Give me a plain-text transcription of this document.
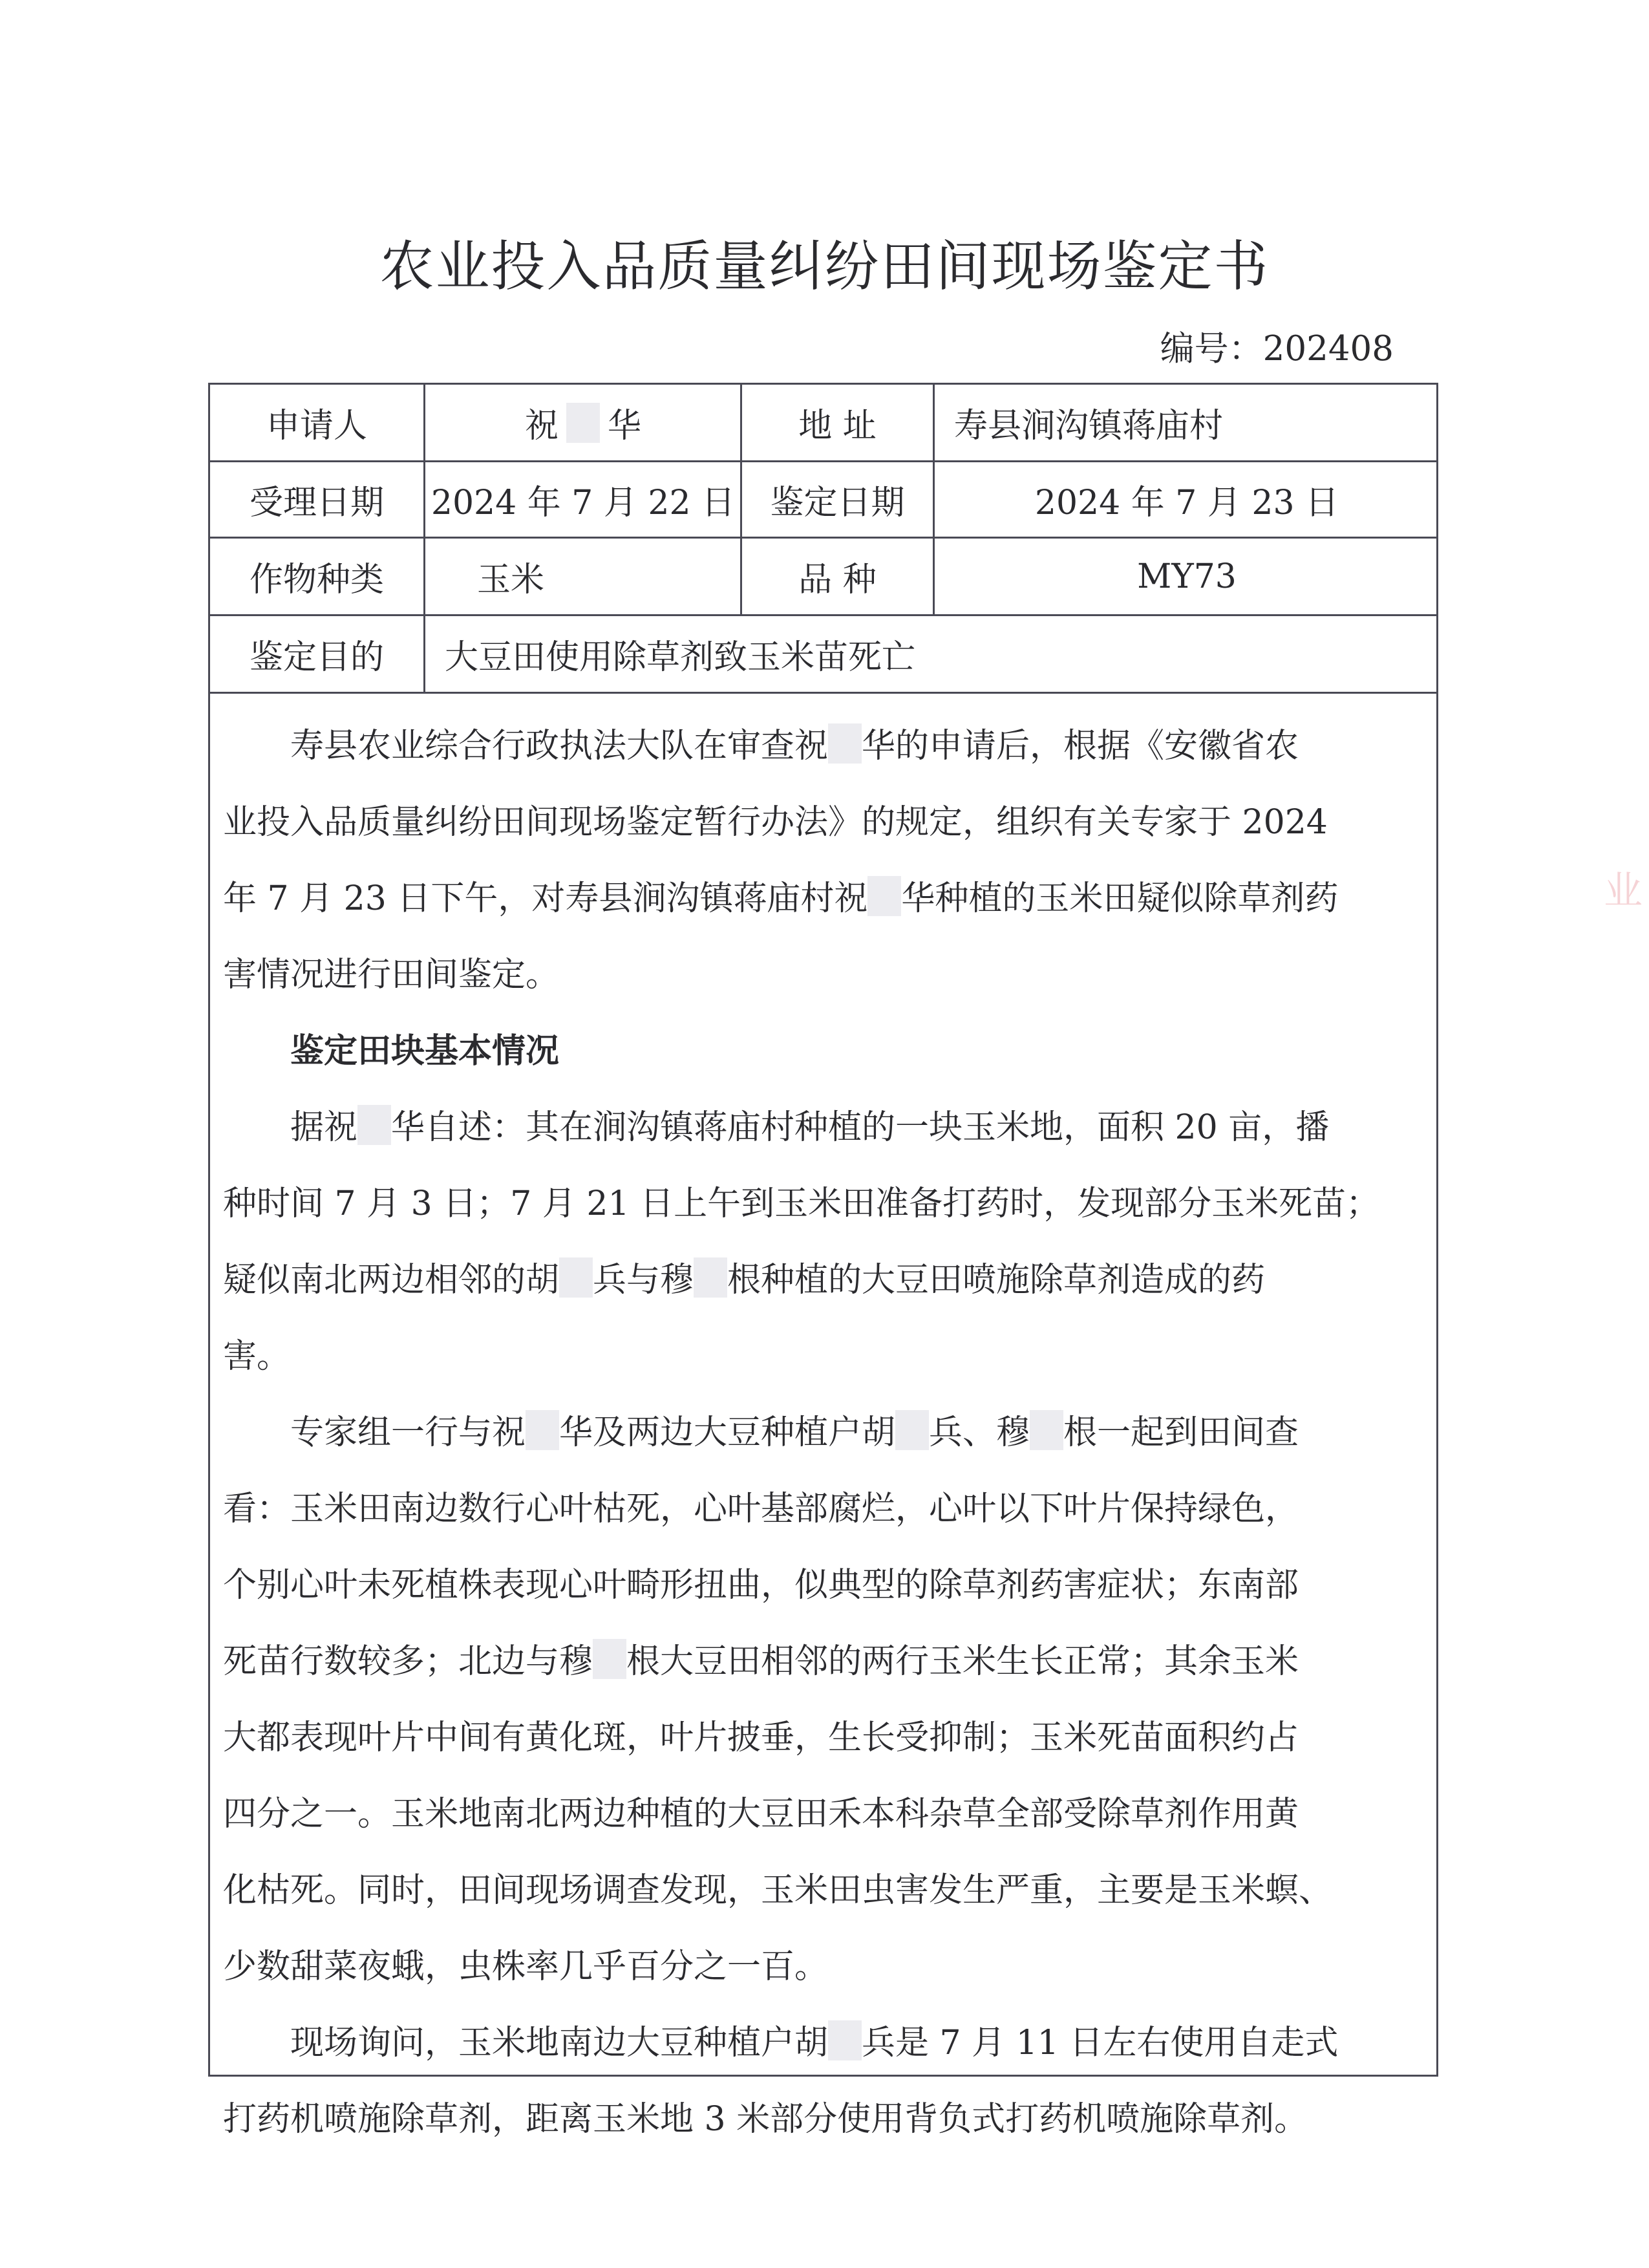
农业投入品质量纠纷田间现场鉴定书
编号：202408
申请人	祝 华	地 址	寿县涧沟镇蒋庙村
受理日期	2024 年 7 月 22 日	鉴定日期	2024 年 7 月 23 日
作物种类	玉米	品 种	MY73
鉴定目的	大豆田使用除草剂致玉米苗死亡
寿县农业综合行政执法大队在审查祝 华的申请后，根据《安徽省农
业投入品质量纠纷田间现场鉴定暂行办法》的规定，组织有关专家于 2024
年 7 月 23 日下午，对寿县涧沟镇蒋庙村祝 华种植的玉米田疑似除草剂药
害情况进行田间鉴定。
鉴定田块基本情况
据祝 华自述：其在涧沟镇蒋庙村种植的一块玉米地，面积 20 亩，播
种时间 7 月 3 日；7 月 21 日上午到玉米田准备打药时，发现部分玉米死苗；
疑似南北两边相邻的胡 兵与穆 根种植的大豆田喷施除草剂造成的药
害。
专家组一行与祝 华及两边大豆种植户胡 兵、穆 根一起到田间查
看：玉米田南边数行心叶枯死，心叶基部腐烂，心叶以下叶片保持绿色，
个别心叶未死植株表现心叶畸形扭曲，似典型的除草剂药害症状；东南部
死苗行数较多；北边与穆 根大豆田相邻的两行玉米生长正常；其余玉米
大都表现叶片中间有黄化斑，叶片披垂，生长受抑制；玉米死苗面积约占
四分之一。玉米地南北两边种植的大豆田禾本科杂草全部受除草剂作用黄
化枯死。同时，田间现场调查发现，玉米田虫害发生严重，主要是玉米螟、
少数甜菜夜蛾，虫株率几乎百分之一百。
现场询问，玉米地南边大豆种植户胡 兵是 7 月 11 日左右使用自走式
打药机喷施除草剂，距离玉米地 3 米部分使用背负式打药机喷施除草剂。
业
